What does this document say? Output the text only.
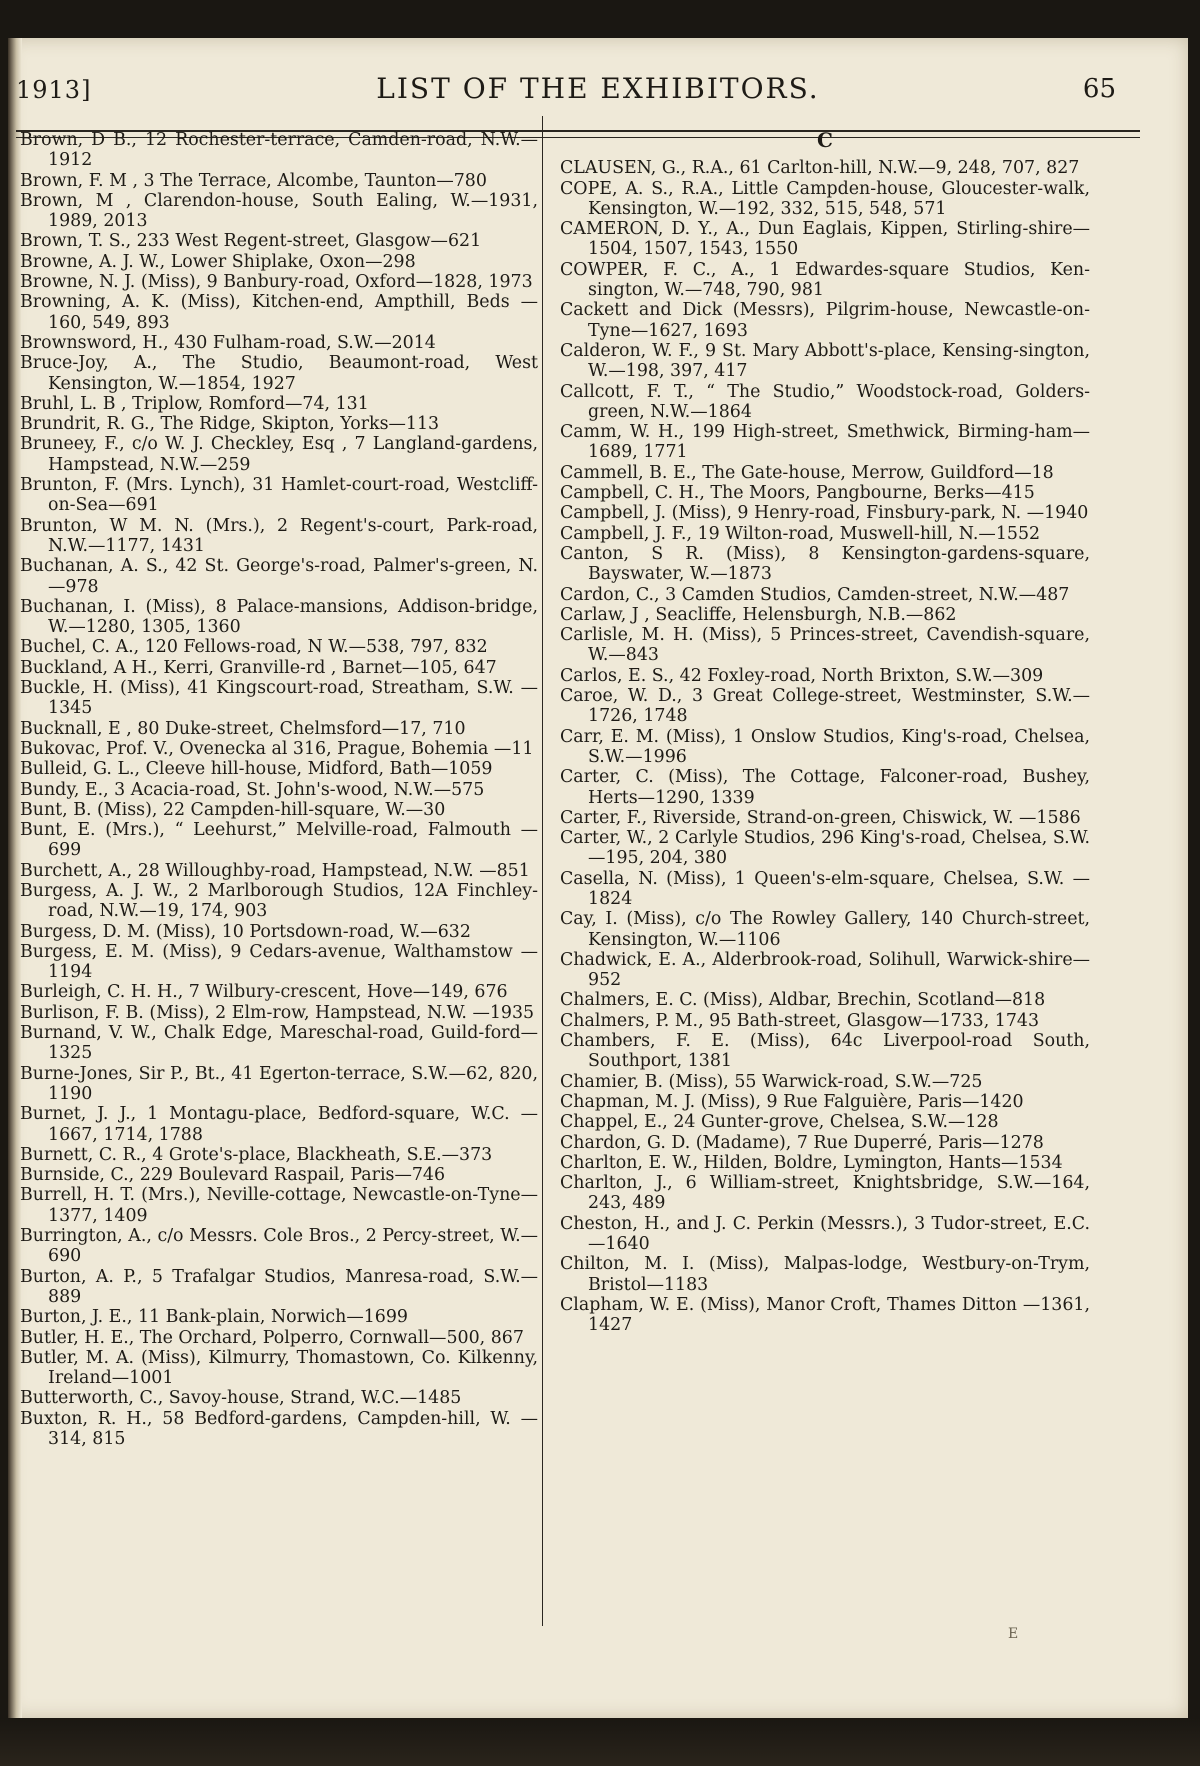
1913]	LIST OF THE EXHIBITORS.	65
Brown, D B., 12 Rochester-terrace, Camden-road, N.W.—1912
Brown, F. M , 3 The Terrace, Alcombe, Taunton—780
Brown, M , Clarendon-house, South Ealing, W.—1931, 1989, 2013
Brown, T. S., 233 West Regent-street, Glasgow—621
Browne, A. J. W., Lower Shiplake, Oxon—298
Browne, N. J. (Miss), 9 Banbury-road, Oxford—1828, 1973
Browning, A. K. (Miss), Kitchen-end, Ampthill, Beds —160, 549, 893
Brownsword, H., 430 Fulham-road, S.W.—2014
Bruce-Joy, A., The Studio, Beaumont-road, West Kensington, W.—1854, 1927
Bruhl, L. B , Triplow, Romford—74, 131
Brundrit, R. G., The Ridge, Skipton, Yorks—113
Bruneey, F., c/o W. J. Checkley, Esq , 7 Langland-gardens, Hampstead, N.W.—259
Brunton, F. (Mrs. Lynch), 31 Hamlet-court-road, Westcliff-on-Sea—691
Brunton, W M. N. (Mrs.), 2 Regent's-court, Park-road, N.W.—1177, 1431
Buchanan, A. S., 42 St. George's-road, Palmer's-green, N.—978
Buchanan, I. (Miss), 8 Palace-mansions, Addison-bridge, W.—1280, 1305, 1360
Buchel, C. A., 120 Fellows-road, N W.—538, 797, 832
Buckland, A H., Kerri, Granville-rd , Barnet—105, 647
Buckle, H. (Miss), 41 Kingscourt-road, Streatham, S.W. —1345
Bucknall, E , 80 Duke-street, Chelmsford—17, 710
Bukovac, Prof. V., Ovenecka al 316, Prague, Bohemia —11
Bulleid, G. L., Cleeve hill-house, Midford, Bath—1059
Bundy, E., 3 Acacia-road, St. John's-wood, N.W.—575
Bunt, B. (Miss), 22 Campden-hill-square, W.—30
Bunt, E. (Mrs.), “ Leehurst,” Melville-road, Falmouth —699
Burchett, A., 28 Willoughby-road, Hampstead, N.W. —851
Burgess, A. J. W., 2 Marlborough Studios, 12A Finchley-road, N.W.—19, 174, 903
Burgess, D. M. (Miss), 10 Portsdown-road, W.—632
Burgess, E. M. (Miss), 9 Cedars-avenue, Walthamstow —1194
Burleigh, C. H. H., 7 Wilbury-crescent, Hove—149, 676
Burlison, F. B. (Miss), 2 Elm-row, Hampstead, N.W. —1935
Burnand, V. W., Chalk Edge, Mareschal-road, Guild-ford—1325
Burne-Jones, Sir P., Bt., 41 Egerton-terrace, S.W.—62, 820, 1190
Burnet, J. J., 1 Montagu-place, Bedford-square, W.C. —1667, 1714, 1788
Burnett, C. R., 4 Grote's-place, Blackheath, S.E.—373
Burnside, C., 229 Boulevard Raspail, Paris—746
Burrell, H. T. (Mrs.), Neville-cottage, Newcastle-on-Tyne—1377, 1409
Burrington, A., c/o Messrs. Cole Bros., 2 Percy-street, W.—690
Burton, A. P., 5 Trafalgar Studios, Manresa-road, S.W.—889
Burton, J. E., 11 Bank-plain, Norwich—1699
Butler, H. E., The Orchard, Polperro, Cornwall—500, 867
Butler, M. A. (Miss), Kilmurry, Thomastown, Co. Kilkenny, Ireland—1001
Butterworth, C., Savoy-house, Strand, W.C.—1485
Buxton, R. H., 58 Bedford-gardens, Campden-hill, W. —314, 815
C
CLAUSEN, G., R.A., 61 Carlton-hill, N.W.—9, 248, 707, 827
COPE, A. S., R.A., Little Campden-house, Gloucester-walk, Kensington, W.—192, 332, 515, 548, 571
CAMERON, D. Y., A., Dun Eaglais, Kippen, Stirling-shire—1504, 1507, 1543, 1550
COWPER, F. C., A., 1 Edwardes-square Studios, Ken-sington, W.—748, 790, 981
Cackett and Dick (Messrs), Pilgrim-house, Newcastle-on-Tyne—1627, 1693
Calderon, W. F., 9 St. Mary Abbott's-place, Kensing-sington, W.—198, 397, 417
Callcott, F. T., “ The Studio,” Woodstock-road, Golders-green, N.W.—1864
Camm, W. H., 199 High-street, Smethwick, Birming-ham—1689, 1771
Cammell, B. E., The Gate-house, Merrow, Guildford—18
Campbell, C. H., The Moors, Pangbourne, Berks—415
Campbell, J. (Miss), 9 Henry-road, Finsbury-park, N. —1940
Campbell, J. F., 19 Wilton-road, Muswell-hill, N.—1552
Canton, S R. (Miss), 8 Kensington-gardens-square, Bayswater, W.—1873
Cardon, C., 3 Camden Studios, Camden-street, N.W.—487
Carlaw, J , Seacliffe, Helensburgh, N.B.—862
Carlisle, M. H. (Miss), 5 Princes-street, Cavendish-square, W.—843
Carlos, E. S., 42 Foxley-road, North Brixton, S.W.—309
Caroe, W. D., 3 Great College-street, Westminster, S.W.—1726, 1748
Carr, E. M. (Miss), 1 Onslow Studios, King's-road, Chelsea, S.W.—1996
Carter, C. (Miss), The Cottage, Falconer-road, Bushey, Herts—1290, 1339
Carter, F., Riverside, Strand-on-green, Chiswick, W. —1586
Carter, W., 2 Carlyle Studios, 296 King's-road, Chelsea, S.W.—195, 204, 380
Casella, N. (Miss), 1 Queen's-elm-square, Chelsea, S.W. —1824
Cay, I. (Miss), c/o The Rowley Gallery, 140 Church-street, Kensington, W.—1106
Chadwick, E. A., Alderbrook-road, Solihull, Warwick-shire—952
Chalmers, E. C. (Miss), Aldbar, Brechin, Scotland—818
Chalmers, P. M., 95 Bath-street, Glasgow—1733, 1743
Chambers, F. E. (Miss), 64c Liverpool-road South, Southport, 1381
Chamier, B. (Miss), 55 Warwick-road, S.W.—725
Chapman, M. J. (Miss), 9 Rue Falguière, Paris—1420
Chappel, E., 24 Gunter-grove, Chelsea, S.W.—128
Chardon, G. D. (Madame), 7 Rue Duperré, Paris—1278
Charlton, E. W., Hilden, Boldre, Lymington, Hants—1534
Charlton, J., 6 William-street, Knightsbridge, S.W.—164, 243, 489
Cheston, H., and J. C. Perkin (Messrs.), 3 Tudor-street, E.C.—1640
Chilton, M. I. (Miss), Malpas-lodge, Westbury-on-Trym, Bristol—1183
Clapham, W. E. (Miss), Manor Croft, Thames Ditton —1361, 1427
E
